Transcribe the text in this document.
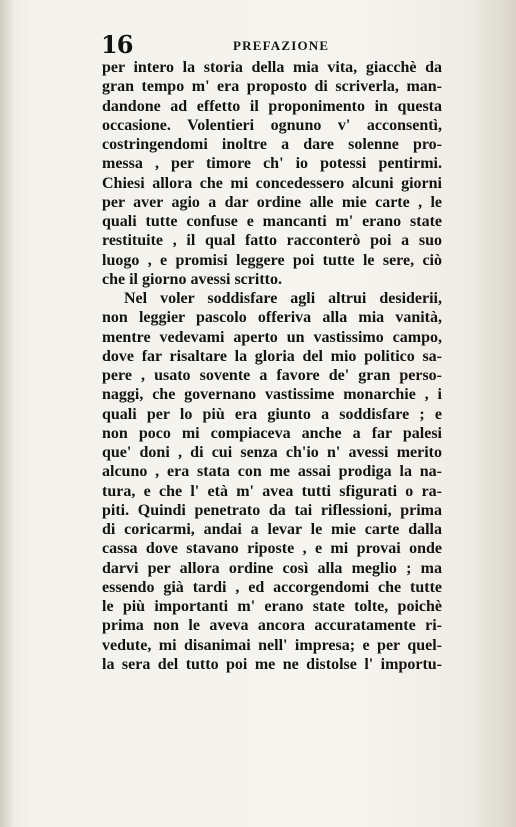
16	PREFAZIONE
per intero la storia della mia vita, giacchè da
gran tempo m' era proposto di scriverla, man-
dandone ad effetto il proponimento in questa
occasione. Volentieri ognuno v' acconsentì,
costringendomi inoltre a dare solenne pro-
messa , per timore ch' io potessi pentirmi.
Chiesi allora che mi concedessero alcuni giorni
per aver agio a dar ordine alle mie carte , le
quali tutte confuse e mancanti m' erano state
restituite , il qual fatto racconterò poi a suo
luogo , e promisi leggere poi tutte le sere, ciò
che il giorno avessi scritto.
Nel voler soddisfare agli altrui desiderii,
non leggier pascolo offeriva alla mia vanità,
mentre vedevami aperto un vastissimo campo,
dove far risaltare la gloria del mio politico sa-
pere , usato sovente a favore de' gran perso-
naggi, che governano vastissime monarchie , i
quali per lo più era giunto a soddisfare ; e
non poco mi compiaceva anche a far palesi
que' doni , di cui senza ch'io n' avessi merito
alcuno , era stata con me assai prodiga la na-
tura, e che l' età m' avea tutti sfigurati o ra-
piti. Quindi penetrato da tai riflessioni, prima
di coricarmi, andai a levar le mie carte dalla
cassa dove stavano riposte , e mi provai onde
darvi per allora ordine così alla meglio ; ma
essendo già tardi , ed accorgendomi che tutte
le più importanti m' erano state tolte, poichè
prima non le aveva ancora accuratamente ri-
vedute, mi disanimai nell' impresa; e per quel-
la sera del tutto poi me ne distolse l' importu-
